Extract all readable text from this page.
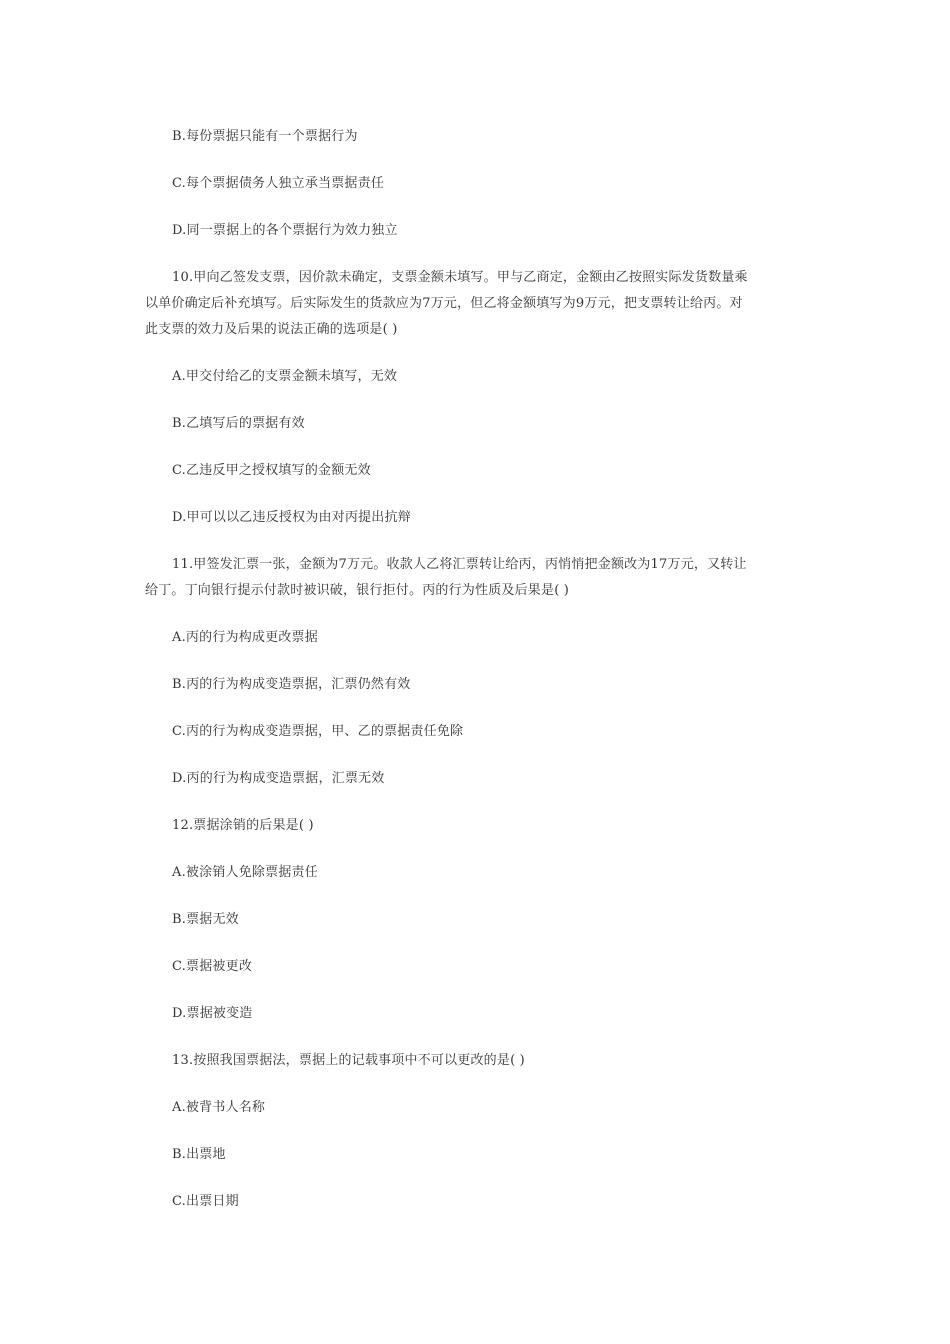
B.每份票据只能有一个票据行为
C.每个票据债务人独立承当票据责任
D.同一票据上的各个票据行为效力独立
10.甲向乙签发支票，因价款未确定，支票金额未填写。甲与乙商定，金额由乙按照实际发货数量乘
以单价确定后补充填写。后实际发生的货款应为7万元，但乙将金额填写为9万元，把支票转让给丙。对
此支票的效力及后果的说法正确的选项是( )
A.甲交付给乙的支票金额未填写，无效
B.乙填写后的票据有效
C.乙违反甲之授权填写的金额无效
D.甲可以以乙违反授权为由对丙提出抗辩
11.甲签发汇票一张，金额为7万元。收款人乙将汇票转让给丙，丙悄悄把金额改为17万元，又转让
给丁。丁向银行提示付款时被识破，银行拒付。丙的行为性质及后果是( )
A.丙的行为构成更改票据
B.丙的行为构成变造票据，汇票仍然有效
C.丙的行为构成变造票据，甲、乙的票据责任免除
D.丙的行为构成变造票据，汇票无效
12.票据涂销的后果是( )
A.被涂销人免除票据责任
B.票据无效
C.票据被更改
D.票据被变造
13.按照我国票据法，票据上的记载事项中不可以更改的是( )
A.被背书人名称
B.出票地
C.出票日期
